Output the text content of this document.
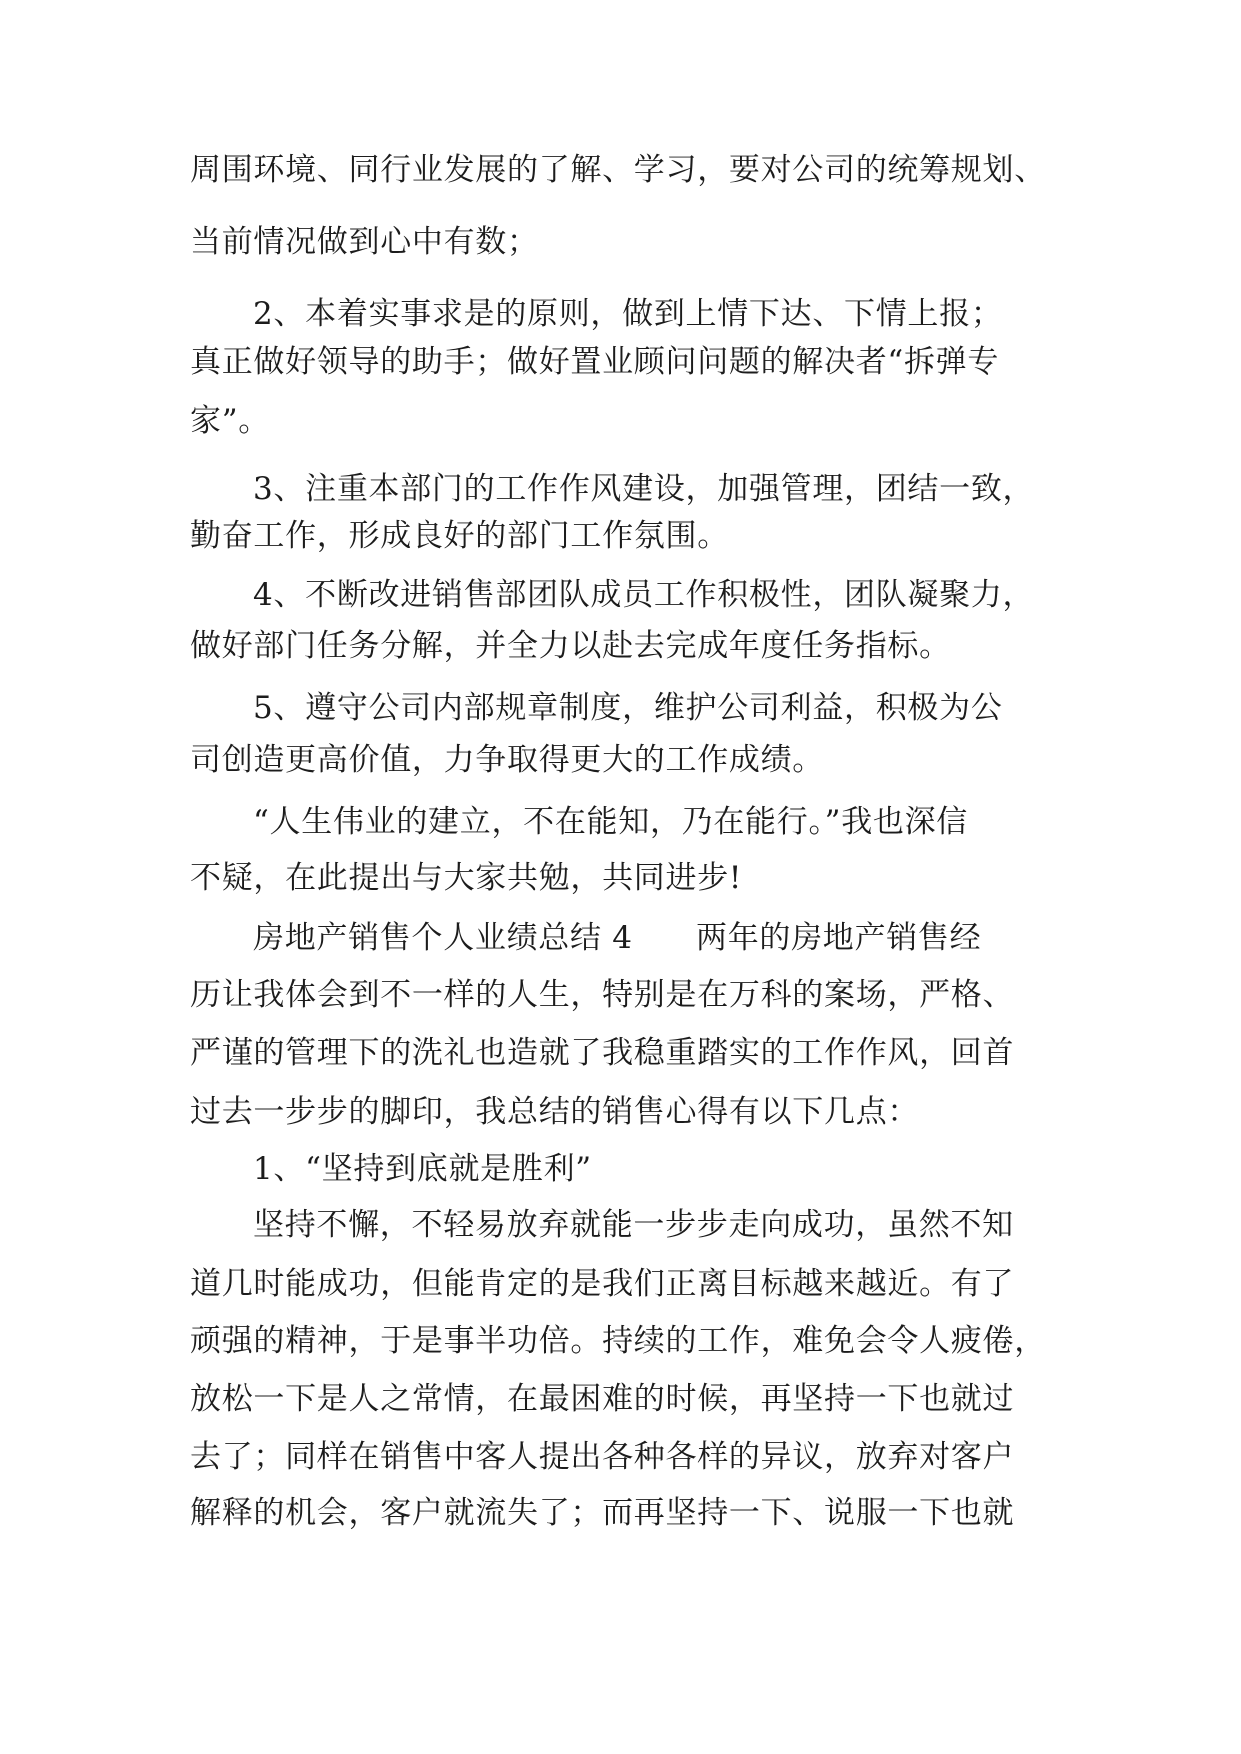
周围环境、同行业发展的了解、学习，要对公司的统筹规划、
当前情况做到心中有数；
2、本着实事求是的原则，做到上情下达、下情上报；
真正做好领导的助手；做好置业顾问问题的解决者“拆弹专
家”。
3、注重本部门的工作作风建设，加强管理，团结一致，
勤奋工作，形成良好的部门工作氛围。
4、不断改进销售部团队成员工作积极性，团队凝聚力，
做好部门任务分解，并全力以赴去完成年度任务指标。
5、遵守公司内部规章制度，维护公司利益，积极为公
司创造更高价值，力争取得更大的工作成绩。
“人生伟业的建立，不在能知，乃在能行。”我也深信
不疑，在此提出与大家共勉，共同进步!
房地产销售个人业绩总结 4      两年的房地产销售经
历让我体会到不一样的人生，特别是在万科的案场，严格、
严谨的管理下的洗礼也造就了我稳重踏实的工作作风，回首
过去一步步的脚印，我总结的销售心得有以下几点：
1、“坚持到底就是胜利”
坚持不懈，不轻易放弃就能一步步走向成功，虽然不知
道几时能成功，但能肯定的是我们正离目标越来越近。有了
顽强的精神，于是事半功倍。持续的工作，难免会令人疲倦，
放松一下是人之常情，在最困难的时候，再坚持一下也就过
去了；同样在销售中客人提出各种各样的异议，放弃对客户
解释的机会，客户就流失了；而再坚持一下、说服一下也就
